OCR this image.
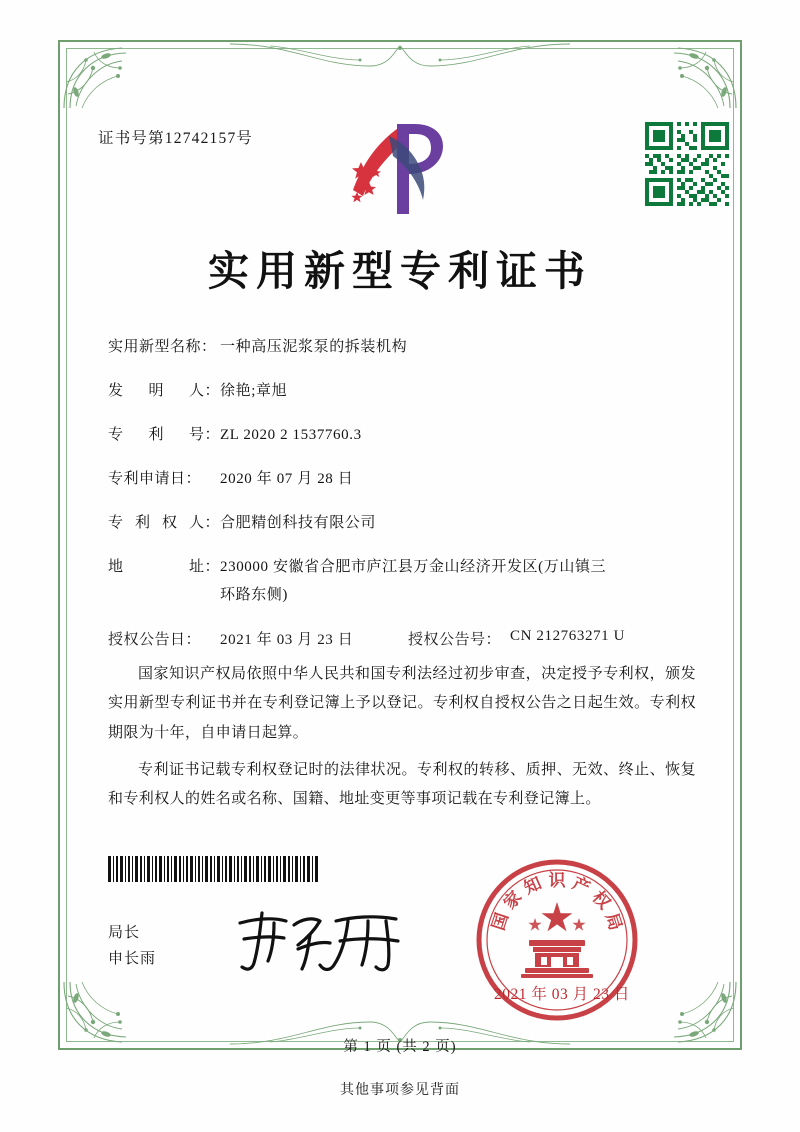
证书号第12742157号
实用新型专利证书
实用新型名称： 一种高压泥浆泵的拆装机构
发 明 人： 徐艳;章旭
专 利 号： ZL 2020 2 1537760.3
专利申请日：	2020 年 07 月 28 日
专 利 权 人： 合肥精创科技有限公司
地	址： 230000 安徽省合肥市庐江县万金山经济开发区(万山镇三
环路东侧)
授权公告日：	2021 年 03 月 23 日	授权公告号： CN 212763271 U

国家知识产权局依照中华人民共和国专利法经过初步审查，决定授予专利权，颁发实用新型专利证书并在专利登记簿上予以登记。专利权自授权公告之日起生效。专利权期限为十年，自申请日起算。

专利证书记载专利权登记时的法律状况。专利权的转移、质押、无效、终止、恢复和专利权人的姓名或名称、国籍、地址变更等事项记载在专利登记簿上。

局长
申长雨
国
家
知 识 产
权
局
2021 年 03 月 23 日
第 1 页 (共 2 页)
其他事项参见背面
